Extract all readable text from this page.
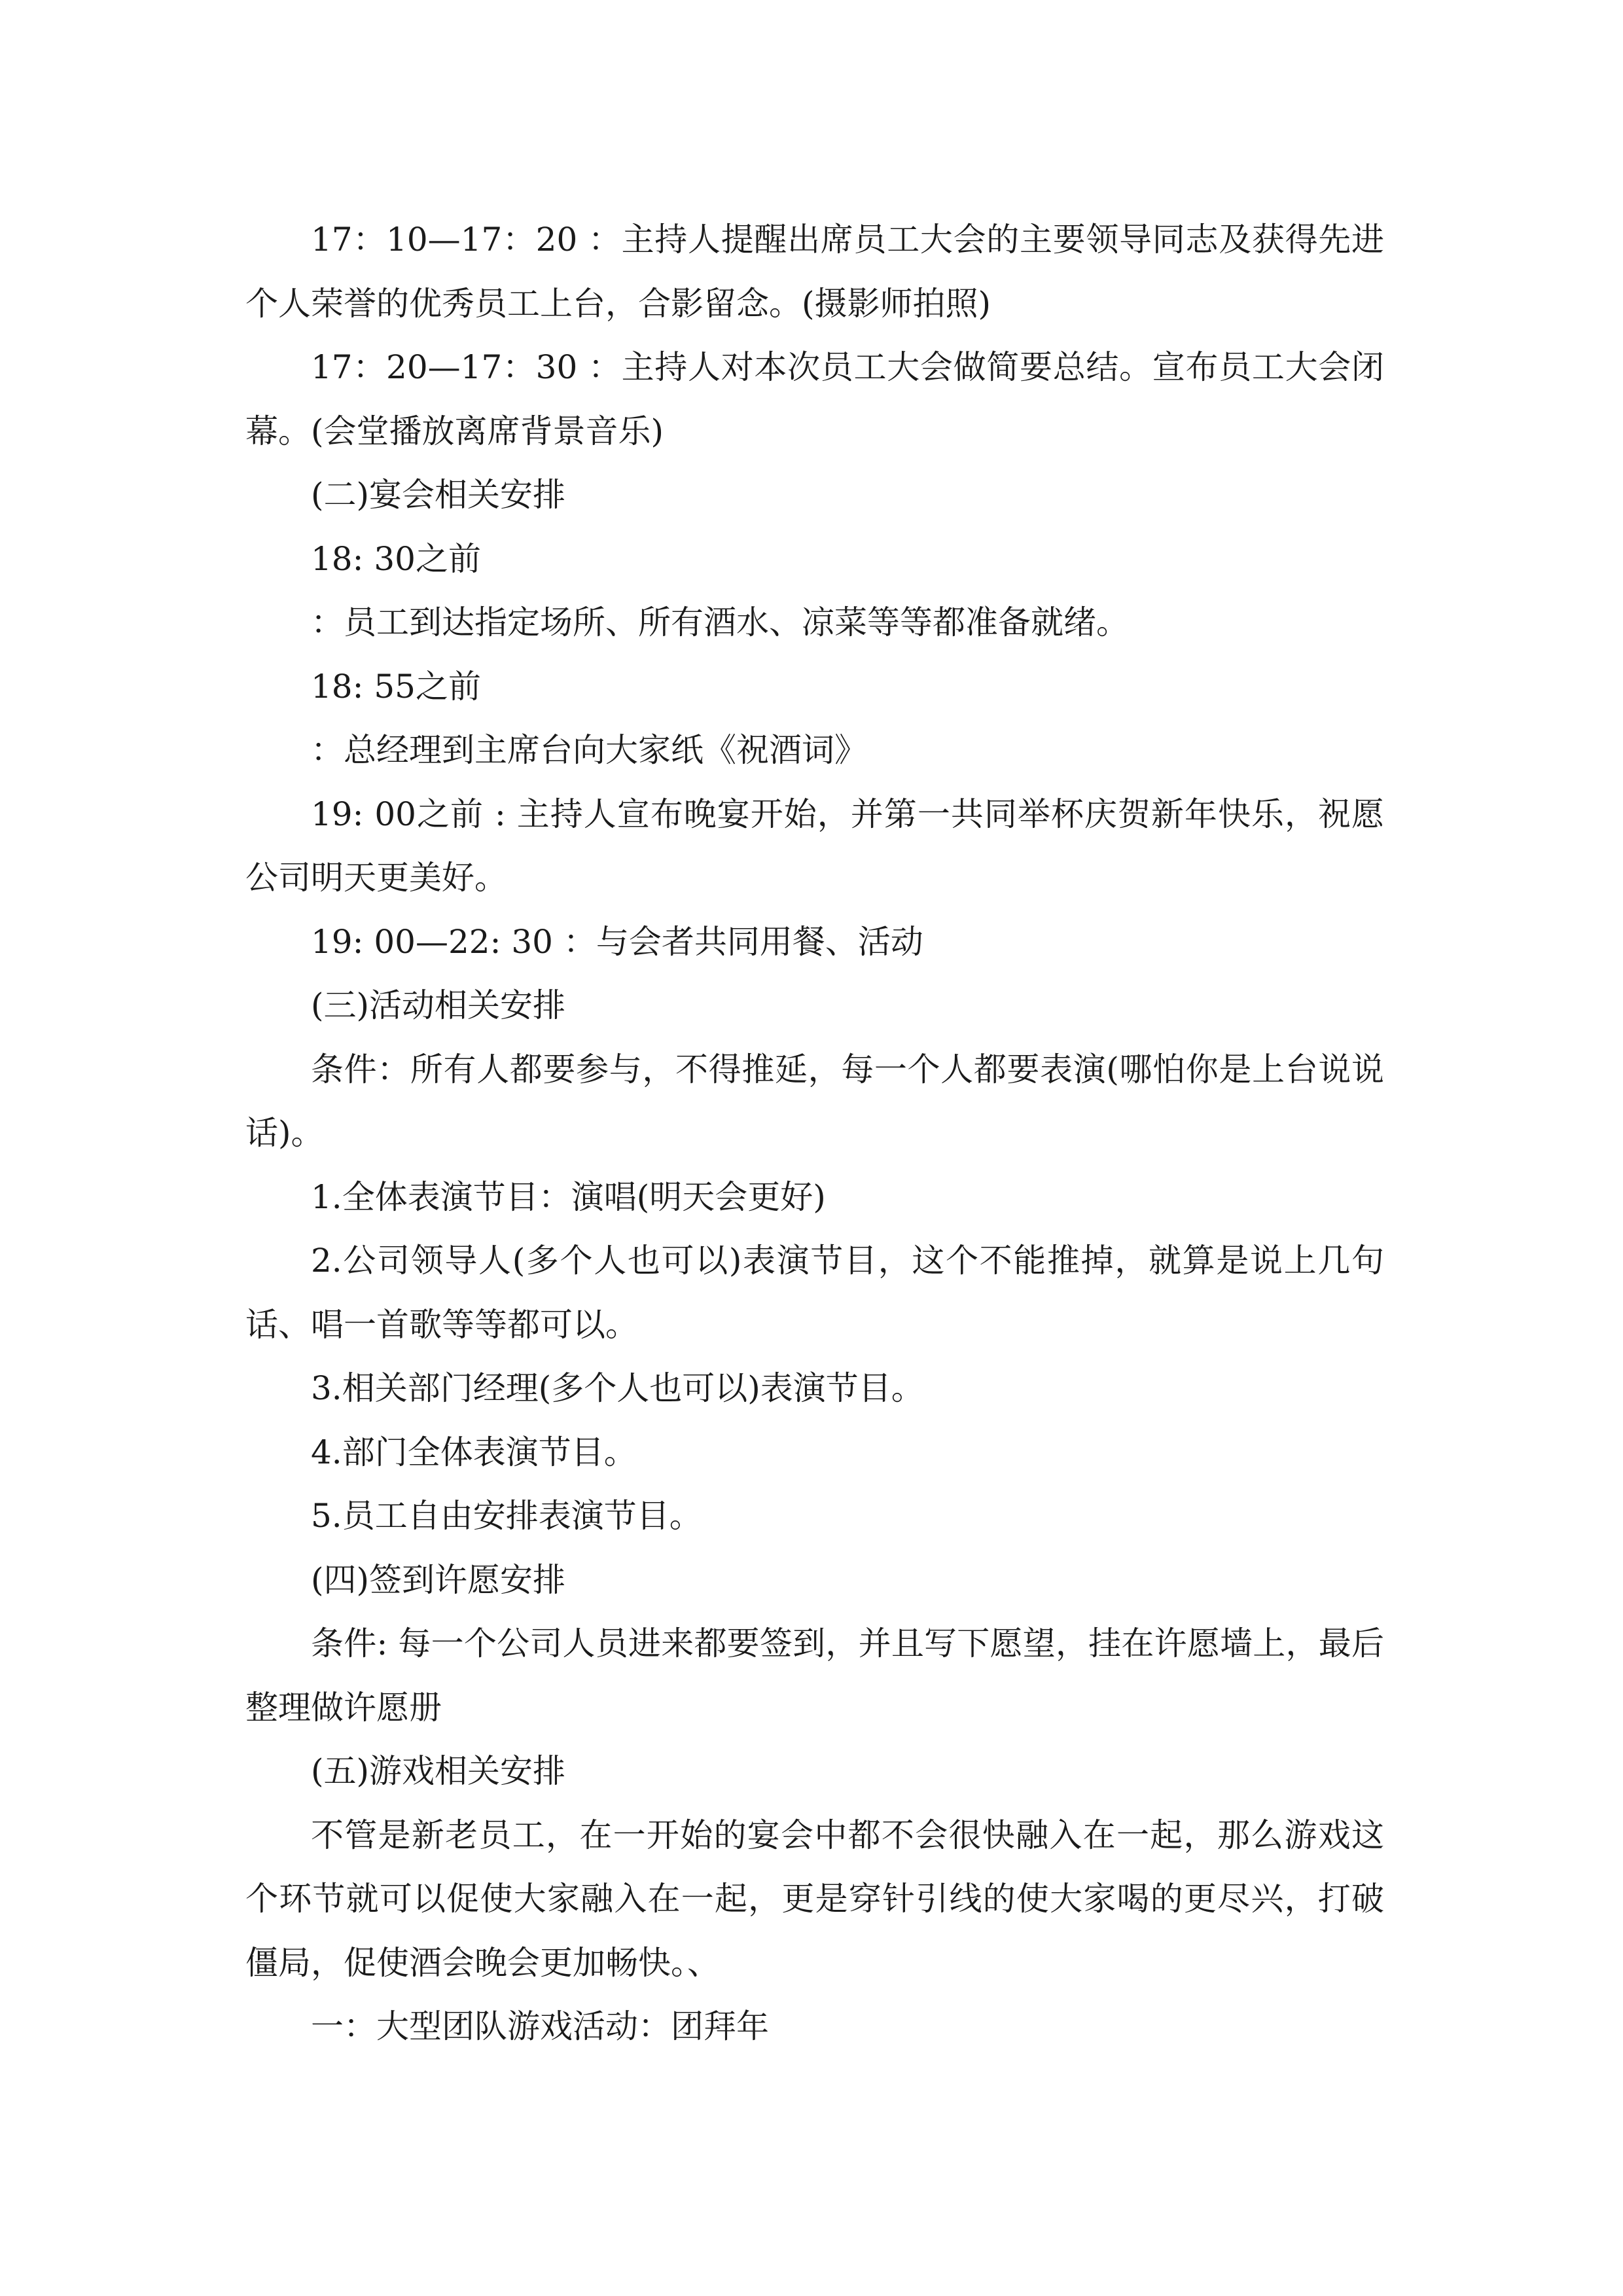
17：10—17：20 ：主持人提醒出席员工大会的主要领导同志及获得先进个人荣誉的优秀员工上台，合影留念。(摄影师拍照)

17：20—17：30 ：主持人对本次员工大会做简要总结。宣布员工大会闭幕。(会堂播放离席背景音乐)

(二)宴会相关安排

18: 30之前

：员工到达指定场所、所有酒水、凉菜等等都准备就绪。

18: 55之前

：总经理到主席台向大家纸《祝酒词》

19: 00之前 : 主持人宣布晚宴开始，并第一共同举杯庆贺新年快乐，祝愿公司明天更美好。

19: 00—22: 30 ：与会者共同用餐、活动

(三)活动相关安排

条件：所有人都要参与，不得推延，每一个人都要表演(哪怕你是上台说说话)。

1.全体表演节目：演唱(明天会更好)

2.公司领导人(多个人也可以)表演节目，这个不能推掉，就算是说上几句话、唱一首歌等等都可以。

3.相关部门经理(多个人也可以)表演节目。

4.部门全体表演节目。

5.员工自由安排表演节目。

(四)签到许愿安排

条件: 每一个公司人员进来都要签到，并且写下愿望，挂在许愿墙上，最后整理做许愿册

(五)游戏相关安排

不管是新老员工，在一开始的宴会中都不会很快融入在一起，那么游戏这个环节就可以促使大家融入在一起，更是穿针引线的使大家喝的更尽兴，打破僵局，促使酒会晚会更加畅快。、

一：大型团队游戏活动：团拜年
